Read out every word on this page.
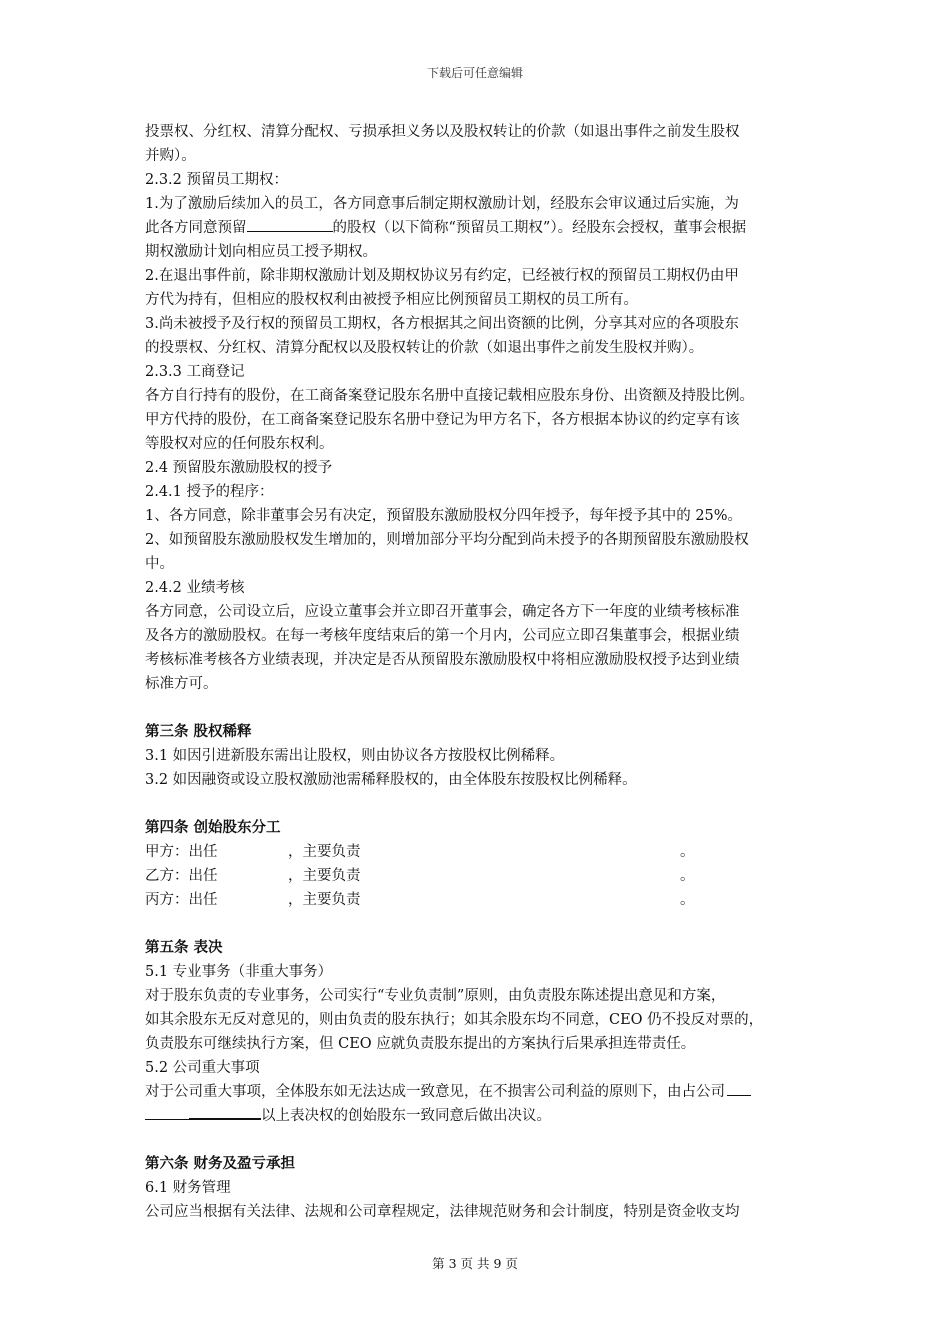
下载后可任意编辑
投票权、分红权、清算分配权、亏损承担义务以及股权转让的价款（如退出事件之前发生股权
并购）。
2.3.2 预留员工期权：
1.为了激励后续加入的员工，各方同意事后制定期权激励计划，经股东会审议通过后实施，为
此各方同意预留	的股权（以下简称“预留员工期权”）。经股东会授权，董事会根据
期权激励计划向相应员工授予期权。
2.在退出事件前，除非期权激励计划及期权协议另有约定，已经被行权的预留员工期权仍由甲
方代为持有，但相应的股权权利由被授予相应比例预留员工期权的员工所有。
3.尚未被授予及行权的预留员工期权，各方根据其之间出资额的比例，分享其对应的各项股东
的投票权、分红权、清算分配权以及股权转让的价款（如退出事件之前发生股权并购）。
2.3.3 工商登记
各方自行持有的股份，在工商备案登记股东名册中直接记载相应股东身份、出资额及持股比例。
甲方代持的股份，在工商备案登记股东名册中登记为甲方名下，各方根据本协议的约定享有该
等股权对应的任何股东权利。
2.4 预留股东激励股权的授予
2.4.1 授予的程序：
1、各方同意，除非董事会另有决定，预留股东激励股权分四年授予，每年授予其中的 25%。
2、如预留股东激励股权发生增加的，则增加部分平均分配到尚未授予的各期预留股东激励股权
中。
2.4.2 业绩考核
各方同意，公司设立后，应设立董事会并立即召开董事会，确定各方下一年度的业绩考核标准
及各方的激励股权。在每一考核年度结束后的第一个月内，公司应立即召集董事会，根据业绩
考核标准考核各方业绩表现，并决定是否从预留股东激励股权中将相应激励股权授予达到业绩
标准方可。
第三条 股权稀释
3.1 如因引进新股东需出让股权，则由协议各方按股权比例稀释。
3.2 如因融资或设立股权激励池需稀释股权的，由全体股东按股权比例稀释。
第四条 创始股东分工
甲方：出任	，主要负责	。
乙方：出任	，主要负责	。
丙方：出任	，主要负责	。
第五条 表决
5.1 专业事务（非重大事务）
对于股东负责的专业事务，公司实行“专业负责制”原则，由负责股东陈述提出意见和方案，
如其余股东无反对意见的，则由负责的股东执行；如其余股东均不同意，CEO 仍不投反对票的，
负责股东可继续执行方案，但 CEO 应就负责股东提出的方案执行后果承担连带责任。
5.2 公司重大事项
对于公司重大事项，全体股东如无法达成一致意见，在不损害公司利益的原则下，由占公司
以上表决权的创始股东一致同意后做出决议。
第六条 财务及盈亏承担
6.1 财务管理
公司应当根据有关法律、法规和公司章程规定，法律规范财务和会计制度，特别是资金收支均
第 3 页 共 9 页
